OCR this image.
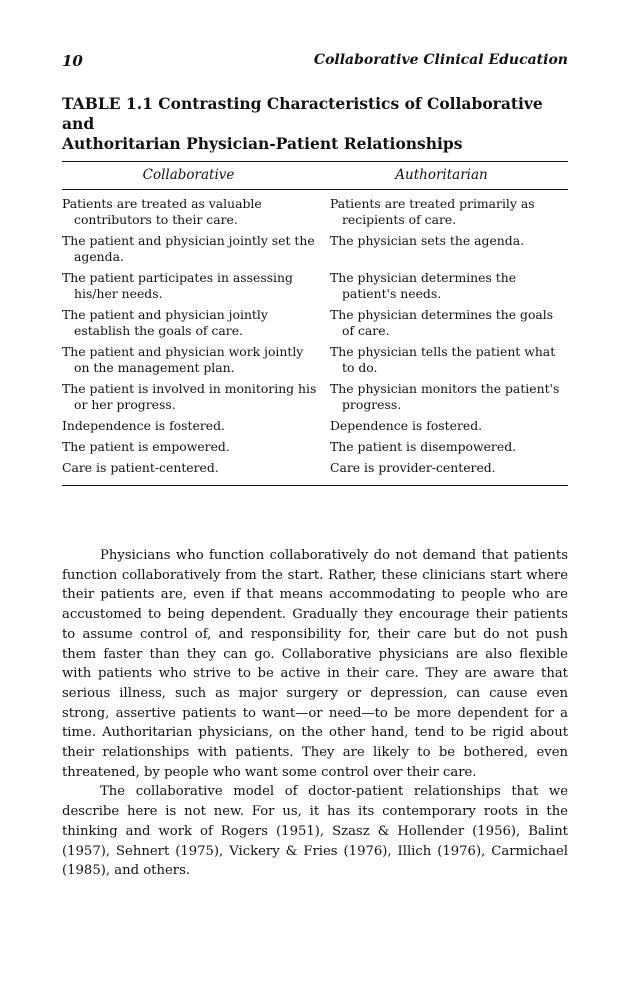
10	Collaborative Clinical Education
TABLE 1.1 Contrasting Characteristics of Collaborative and
Authoritarian Physician-Patient Relationships
Collaborative	Authoritarian

Patients are treated as valuable contributors to their care.	Patients are treated primarily as recipients of care.

The patient and physician jointly set the agenda.	The physician sets the agenda.

The patient participates in assessing his/her needs.	The physician determines the patient's needs.

The patient and physician jointly establish the goals of care.	The physician determines the goals of care.

The patient and physician work jointly on the management plan.	The physician tells the patient what to do.

The patient is involved in monitoring his or her progress.	The physician monitors the patient's progress.

Independence is fostered.	Dependence is fostered.

The patient is empowered.	The patient is disempowered.

Care is patient-centered.	Care is provider-centered.

Physicians who function collaboratively do not demand that patients function collaboratively from the start. Rather, these clinicians start where their patients are, even if that means accommodating to people who are accustomed to being dependent. Gradually they encourage their patients to assume control of, and responsibility for, their care but do not push them faster than they can go. Collaborative physicians are also flexible with patients who strive to be active in their care. They are aware that serious illness, such as major surgery or depression, can cause even strong, assertive patients to want—or need—to be more dependent for a time. Authoritarian physicians, on the other hand, tend to be rigid about their relationships with patients. They are likely to be bothered, even threatened, by people who want some control over their care.

The collaborative model of doctor-patient relationships that we describe here is not new. For us, it has its contemporary roots in the thinking and work of Rogers (1951), Szasz & Hollender (1956), Balint (1957), Sehnert (1975), Vickery & Fries (1976), Illich (1976), Carmichael (1985), and others.
